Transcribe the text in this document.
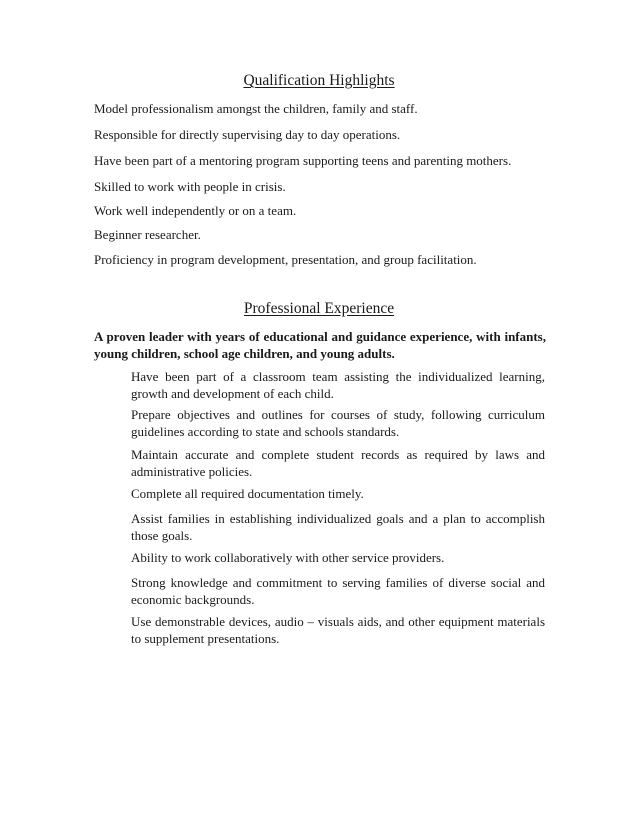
Qualification Highlights
Model professionalism amongst the children, family and staff.
Responsible for directly supervising day to day operations.
Have been part of a mentoring program supporting teens and parenting mothers.
Skilled to work with people in crisis.
Work well independently or on a team.
Beginner researcher.
Proficiency in program development, presentation, and group facilitation.
Professional Experience
A proven leader with years of educational and guidance experience, with infants, young children, school age children, and young adults.
Have been part of a classroom team assisting the individualized learning, growth and development of each child.
Prepare objectives and outlines for courses of study, following curriculum guidelines according to state and schools standards.
Maintain accurate and complete student records as required by laws and administrative policies.
Complete all required documentation timely.
Assist families in establishing individualized goals and a plan to accomplish those goals.
Ability to work collaboratively with other service providers.
Strong knowledge and commitment to serving families of diverse social and economic backgrounds.
Use demonstrable devices, audio – visuals aids, and other equipment materials to supplement presentations.
